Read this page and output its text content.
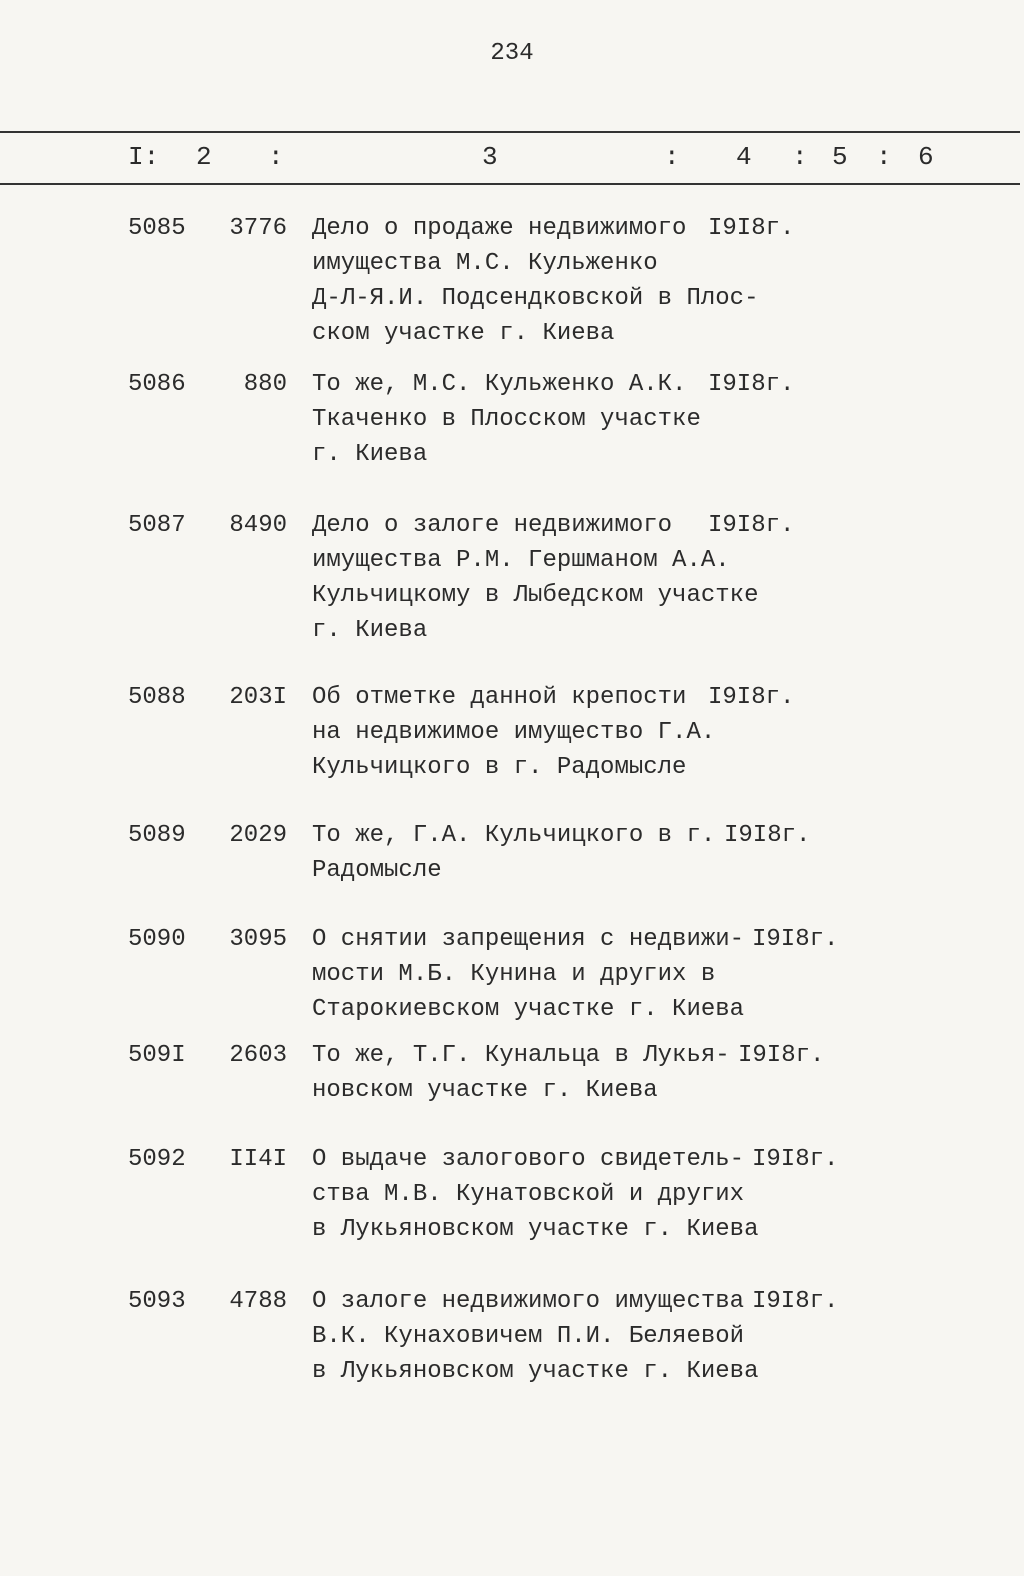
234
I: 2 :	3	: 4 : 5 : 6
5085 3776 Дело о продаже недвижимого
имущества М.С. Кульженко
Д-Л-Я.И. Подсендковской в Плос-
ском участке г. Киева
I9I8г.
5086	880 То же, М.С. Кульженко А.К.
Ткаченко в Плосском участке
г. Киева
I9I8г.
5087 8490 Дело о залоге недвижимого
имущества Р.М. Гершманом А.А.
Кульчицкому в Лыбедском участке
г. Киева
I9I8г.
5088 203I Об отметке данной крепости
на недвижимое имущество Г.А.
Кульчицкого в г. Радомысле
I9I8г.
5089 2029 То же, Г.А. Кульчицкого в г.
Радомысле
I9I8г.
5090 3095 О снятии запрещения с недвижи-
мости М.Б. Кунина и других в
Старокиевском участке г. Киева
I9I8г.
509I 2603 То же, Т.Г. Кунальца в Лукья-
новском участке г. Киева
I9I8г.
5092 II4I О выдаче залогового свидетель-
ства М.В. Кунатовской и других
в Лукьяновском участке г. Киева
I9I8г.
5093 4788 О залоге недвижимого имущества
В.К. Кунаховичем П.И. Беляевой
в Лукьяновском участке г. Киева
I9I8г.
